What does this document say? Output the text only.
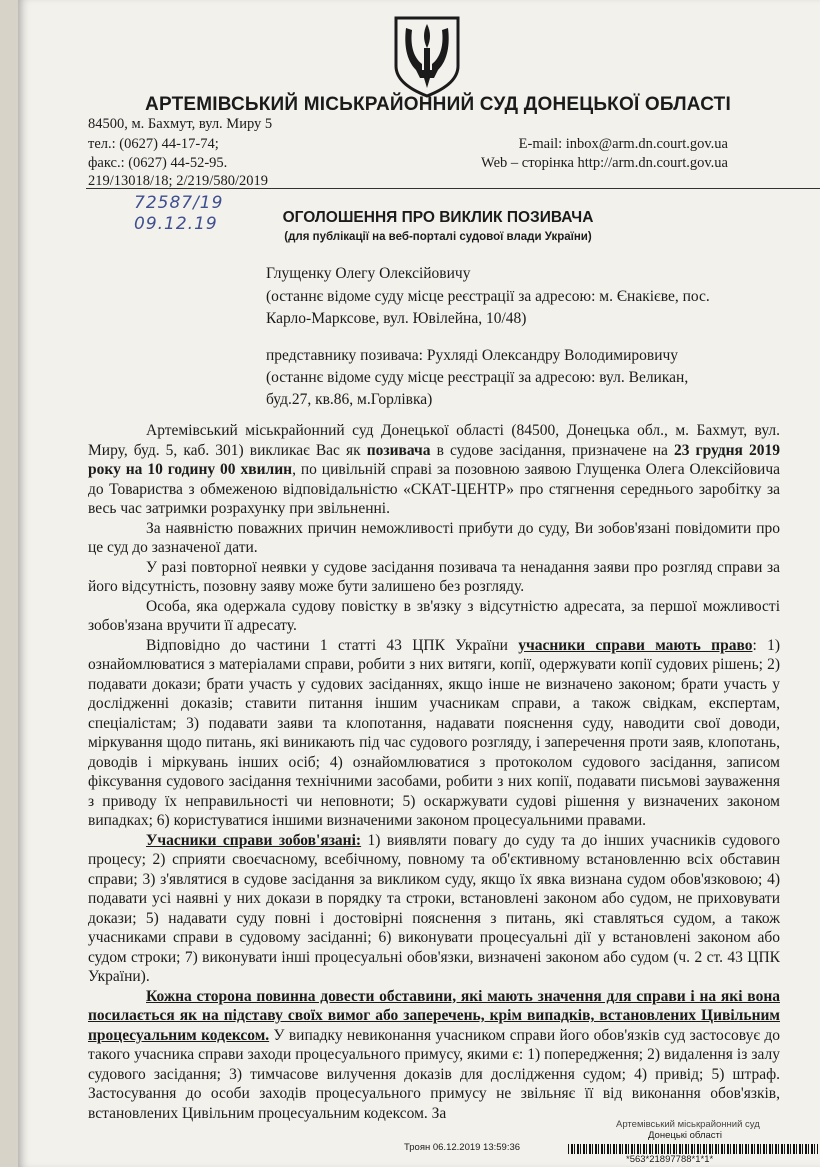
АРТЕМІВСЬКИЙ МІСЬКРАЙОННИЙ СУД ДОНЕЦЬКОЇ ОБЛАСТІ
84500, м. Бахмут, вул. Миру 5
тел.: (0627) 44-17-74;
факс.: (0627) 44-52-95.
E-mail: inbox@arm.dn.court.gov.ua
Web – сторінка http://arm.dn.court.gov.ua
219/13018/18; 2/219/580/2019
72587/19
09.12.19	ОГОЛОШЕННЯ ПРО ВИКЛИК ПОЗИВАЧА
(для публікації на веб-порталі судової влади України)
Глущенку Олегу Олексійовичу
(останнє відоме суду місце реєстрації за адресою: м. Єнакієве, пос.
Карло-Марксове, вул. Ювілейна, 10/48)
представнику позивача: Рухляді Олександру Володимировичу
(останнє відоме суду місце реєстрації за адресою: вул. Великан,
буд.27, кв.86, м.Горлівка)

Артемівський міськрайонний суд Донецької області (84500, Донецька обл., м. Бахмут, вул. Миру, буд. 5, каб. 301) викликає Вас як позивача в судове засідання, призначене на 23 грудня 2019 року на 10 годину 00 хвилин, по цивільній справі за позовною заявою Глущенка Олега Олексійовича до Товариства з обмеженою відповідальністю «СКАТ-ЦЕНТР» про стягнення середнього заробітку за весь час затримки розрахунку при звільненні.

За наявністю поважних причин неможливості прибути до суду, Ви зобов'язані повідомити про це суд до зазначеної дати.

У разі повторної неявки у судове засідання позивача та ненадання заяви про розгляд справи за його відсутність, позовну заяву може бути залишено без розгляду.

Особа, яка одержала судову повістку в зв'язку з відсутністю адресата, за першої можливості зобов'язана вручити її адресату.

Відповідно до частини 1 статті 43 ЦПК України учасники справи мають право: 1) ознайомлюватися з матеріалами справи, робити з них витяги, копії, одержувати копії судових рішень; 2) подавати докази; брати участь у судових засіданнях, якщо інше не визначено законом; брати участь у дослідженні доказів; ставити питання іншим учасникам справи, а також свідкам, експертам, спеціалістам; 3) подавати заяви та клопотання, надавати пояснення суду, наводити свої доводи, міркування щодо питань, які виникають під час судового розгляду, і заперечення проти заяв, клопотань, доводів і міркувань інших осіб; 4) ознайомлюватися з протоколом судового засідання, записом фіксування судового засідання технічними засобами, робити з них копії, подавати письмові зауваження з приводу їх неправильності чи неповноти; 5) оскаржувати судові рішення у визначених законом випадках; 6) користуватися іншими визначеними законом процесуальними правами.

Учасники справи зобов'язані: 1) виявляти повагу до суду та до інших учасників судового процесу; 2) сприяти своєчасному, всебічному, повному та об'єктивному встановленню всіх обставин справи; 3) з'являтися в судове засідання за викликом суду, якщо їх явка визнана судом обов'язковою; 4) подавати усі наявні у них докази в порядку та строки, встановлені законом або судом, не приховувати докази; 5) надавати суду повні і достовірні пояснення з питань, які ставляться судом, а також учасниками справи в судовому засіданні; 6) виконувати процесуальні дії у встановлені законом або судом строки; 7) виконувати інші процесуальні обов'язки, визначені законом або судом (ч. 2 ст. 43 ЦПК України).

Кожна сторона повинна довести обставини, які мають значення для справи і на які вона посилається як на підставу своїх вимог або заперечень, крім випадків, встановлених Цивільним процесуальним кодексом. У випадку невиконання учасником справи його обов'язків суд застосовує до такого учасника справи заходи процесуального примусу, якими є: 1) попередження; 2) видалення із залу судового засідання; 3) тимчасове вилучення доказів для дослідження судом; 4) привід; 5) штраф. Застосування до особи заходів процесуального примусу не звільняє її від виконання обов'язків, встановлених Цивільним процесуальним кодексом. За

Артемівський міськрайонний суд
Донецькі області
Троян 06.12.2019 13:59:36
*563*21897788*1*1*
